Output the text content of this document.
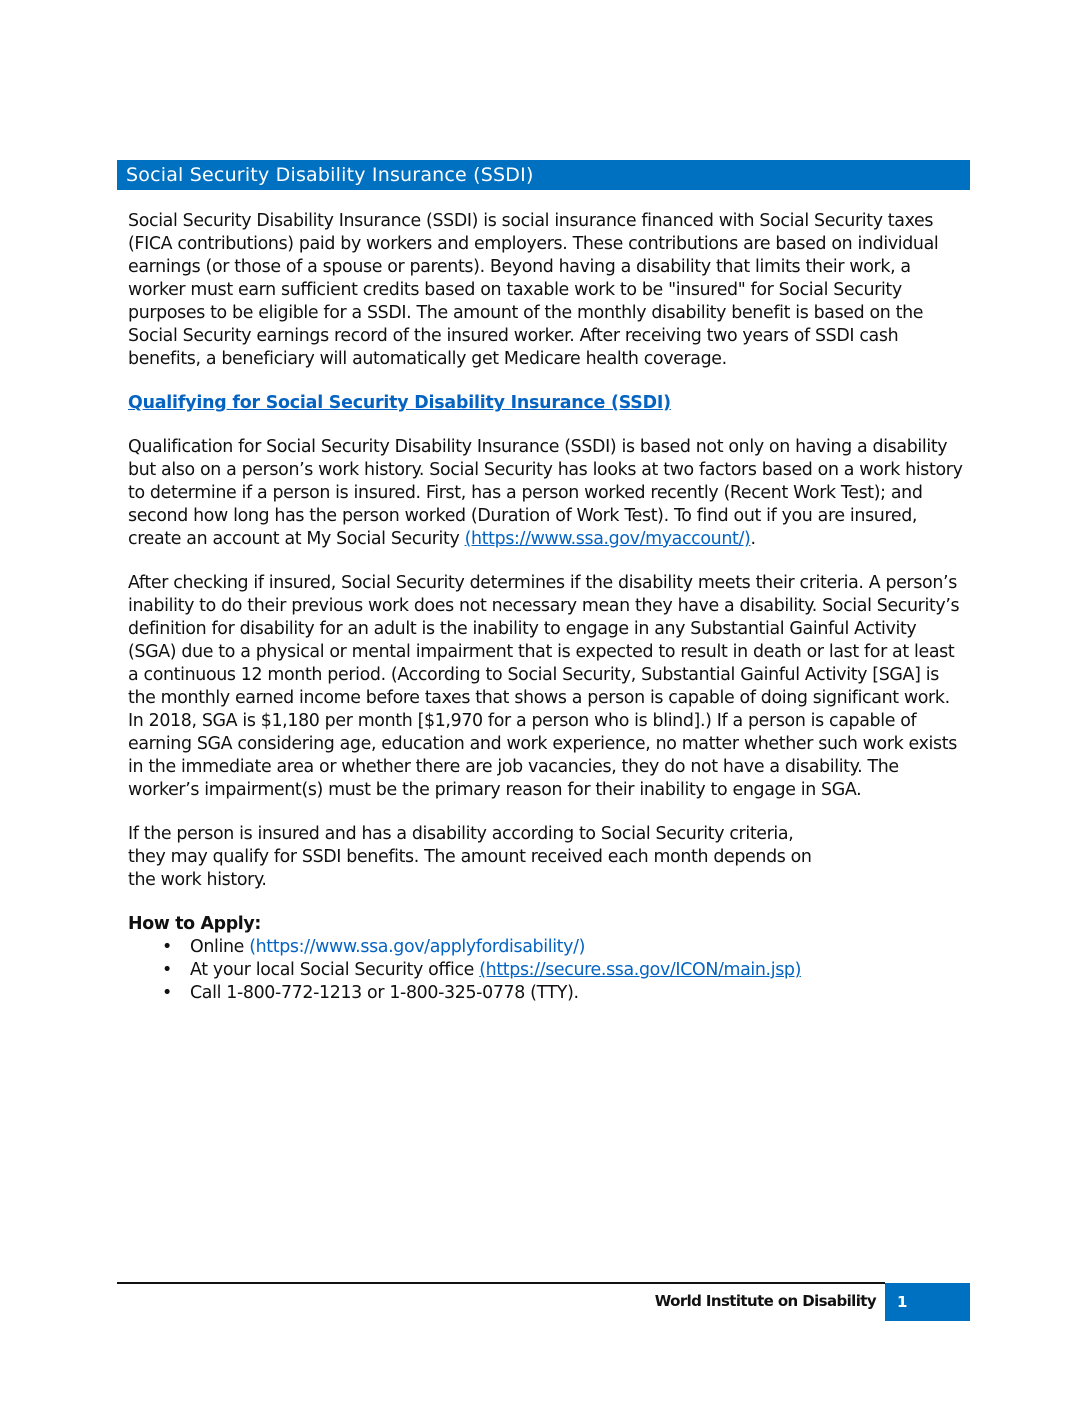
Social Security Disability Insurance (SSDI)

Social Security Disability Insurance (SSDI) is social insurance financed with Social Security taxes (FICA contributions) paid by workers and employers. These contributions are based on individual earnings (or those of a spouse or parents). Beyond having a disability that limits their work, a worker must earn sufficient credits based on taxable work to be "insured" for Social Security purposes to be eligible for a SSDI. The amount of the monthly disability benefit is based on the Social Security earnings record of the insured worker. After receiving two years of SSDI cash benefits, a beneficiary will automatically get Medicare health coverage.

Qualifying for Social Security Disability Insurance (SSDI)

Qualification for Social Security Disability Insurance (SSDI) is based not only on having a disability but also on a person’s work history. Social Security has looks at two factors based on a work history to determine if a person is insured. First, has a person worked recently (Recent Work Test); and second how long has the person worked (Duration of Work Test). To find out if you are insured, create an account at My Social Security (https://www.ssa.gov/myaccount/).

After checking if insured, Social Security determines if the disability meets their criteria. A person’s inability to do their previous work does not necessary mean they have a disability. Social Security’s definition for disability for an adult is the inability to engage in any Substantial Gainful Activity (SGA) due to a physical or mental impairment that is expected to result in death or last for at least a continuous 12 month period. (According to Social Security, Substantial Gainful Activity [SGA] is the monthly earned income before taxes that shows a person is capable of doing significant work. In 2018, SGA is $1,180 per month [$1,970 for a person who is blind].) If a person is capable of earning SGA considering age, education and work experience, no matter whether such work exists in the immediate area or whether there are job vacancies, they do not have a disability. The worker’s impairment(s) must be the primary reason for their inability to engage in SGA.

If the person is insured and has a disability according to Social Security criteria,
they may qualify for SSDI benefits. The amount received each month depends on
the work history.

How to Apply:

• Online (https://www.ssa.gov/applyfordisability/)
• At your local Social Security office (https://secure.ssa.gov/ICON/main.jsp)
• Call 1-800-772-1213 or 1-800-325-0778 (TTY).
World Institute on Disability	1
